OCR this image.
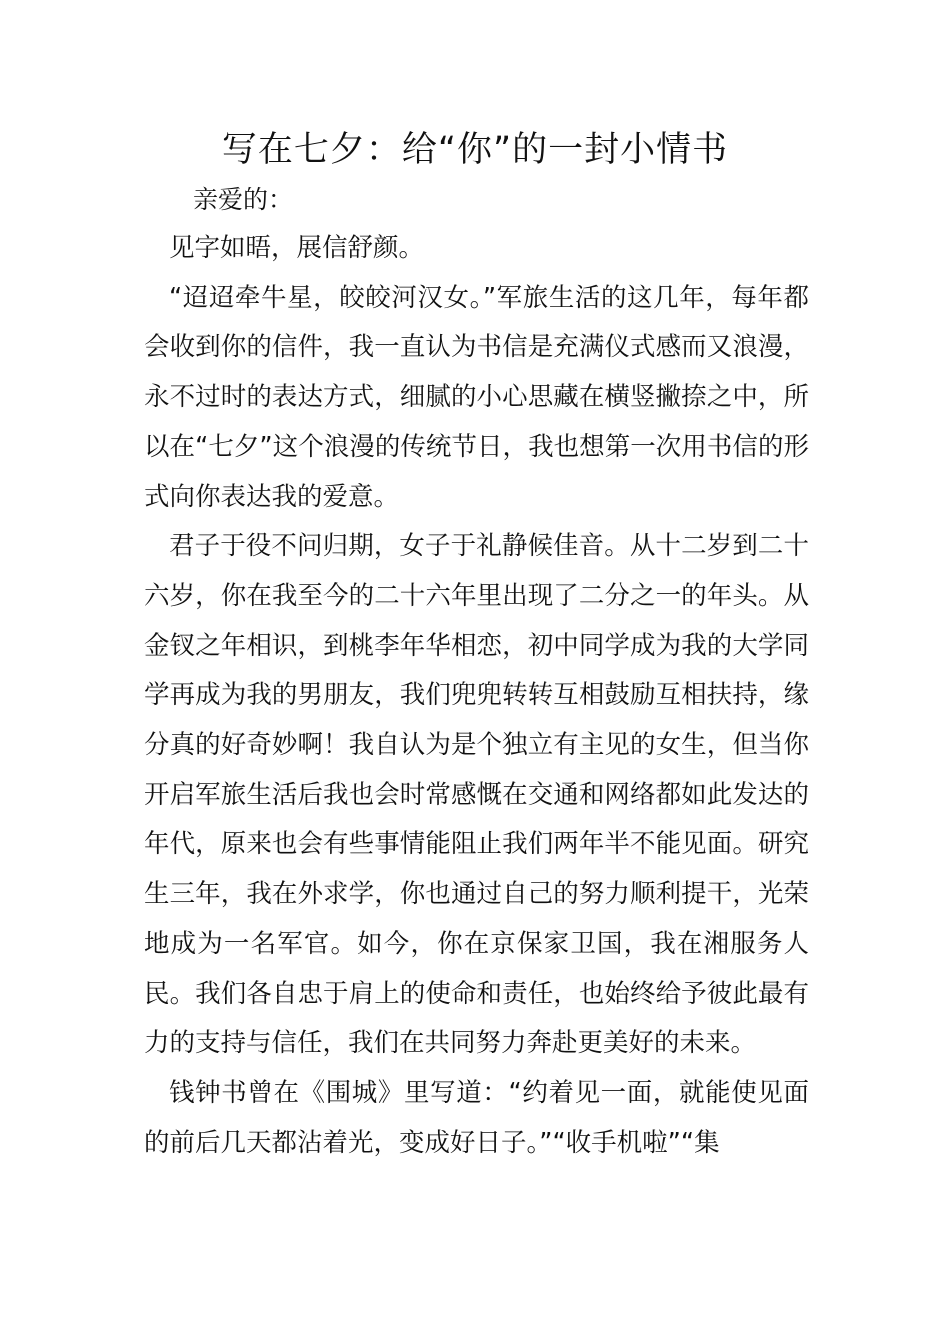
写在七夕：给“你”的一封小情书
亲爱的：

见字如晤，展信舒颜。

“迢迢牵牛星，皎皎河汉女。”军旅生活的这几年，每年都会收到你的信件，我一直认为书信是充满仪式感而又浪漫，永不过时的表达方式，细腻的小心思藏在横竖撇捺之中，所以在“七夕”这个浪漫的传统节日，我也想第一次用书信的形式向你表达我的爱意。

君子于役不问归期，女子于礼静候佳音。从十二岁到二十六岁，你在我至今的二十六年里出现了二分之一的年头。从金钗之年相识，到桃李年华相恋，初中同学成为我的大学同学再成为我的男朋友，我们兜兜转转互相鼓励互相扶持，缘分真的好奇妙啊！我自认为是个独立有主见的女生，但当你开启军旅生活后我也会时常感慨在交通和网络都如此发达的年代，原来也会有些事情能阻止我们两年半不能见面。研究生三年，我在外求学，你也通过自己的努力顺利提干，光荣地成为一名军官。如今，你在京保家卫国，我在湘服务人民。我们各自忠于肩上的使命和责任，也始终给予彼此最有力的支持与信任，我们在共同努力奔赴更美好的未来。

钱钟书曾在《围城》里写道：“约着见一面，就能使见面的前后几天都沾着光，变成好日子。”“收手机啦”“集
